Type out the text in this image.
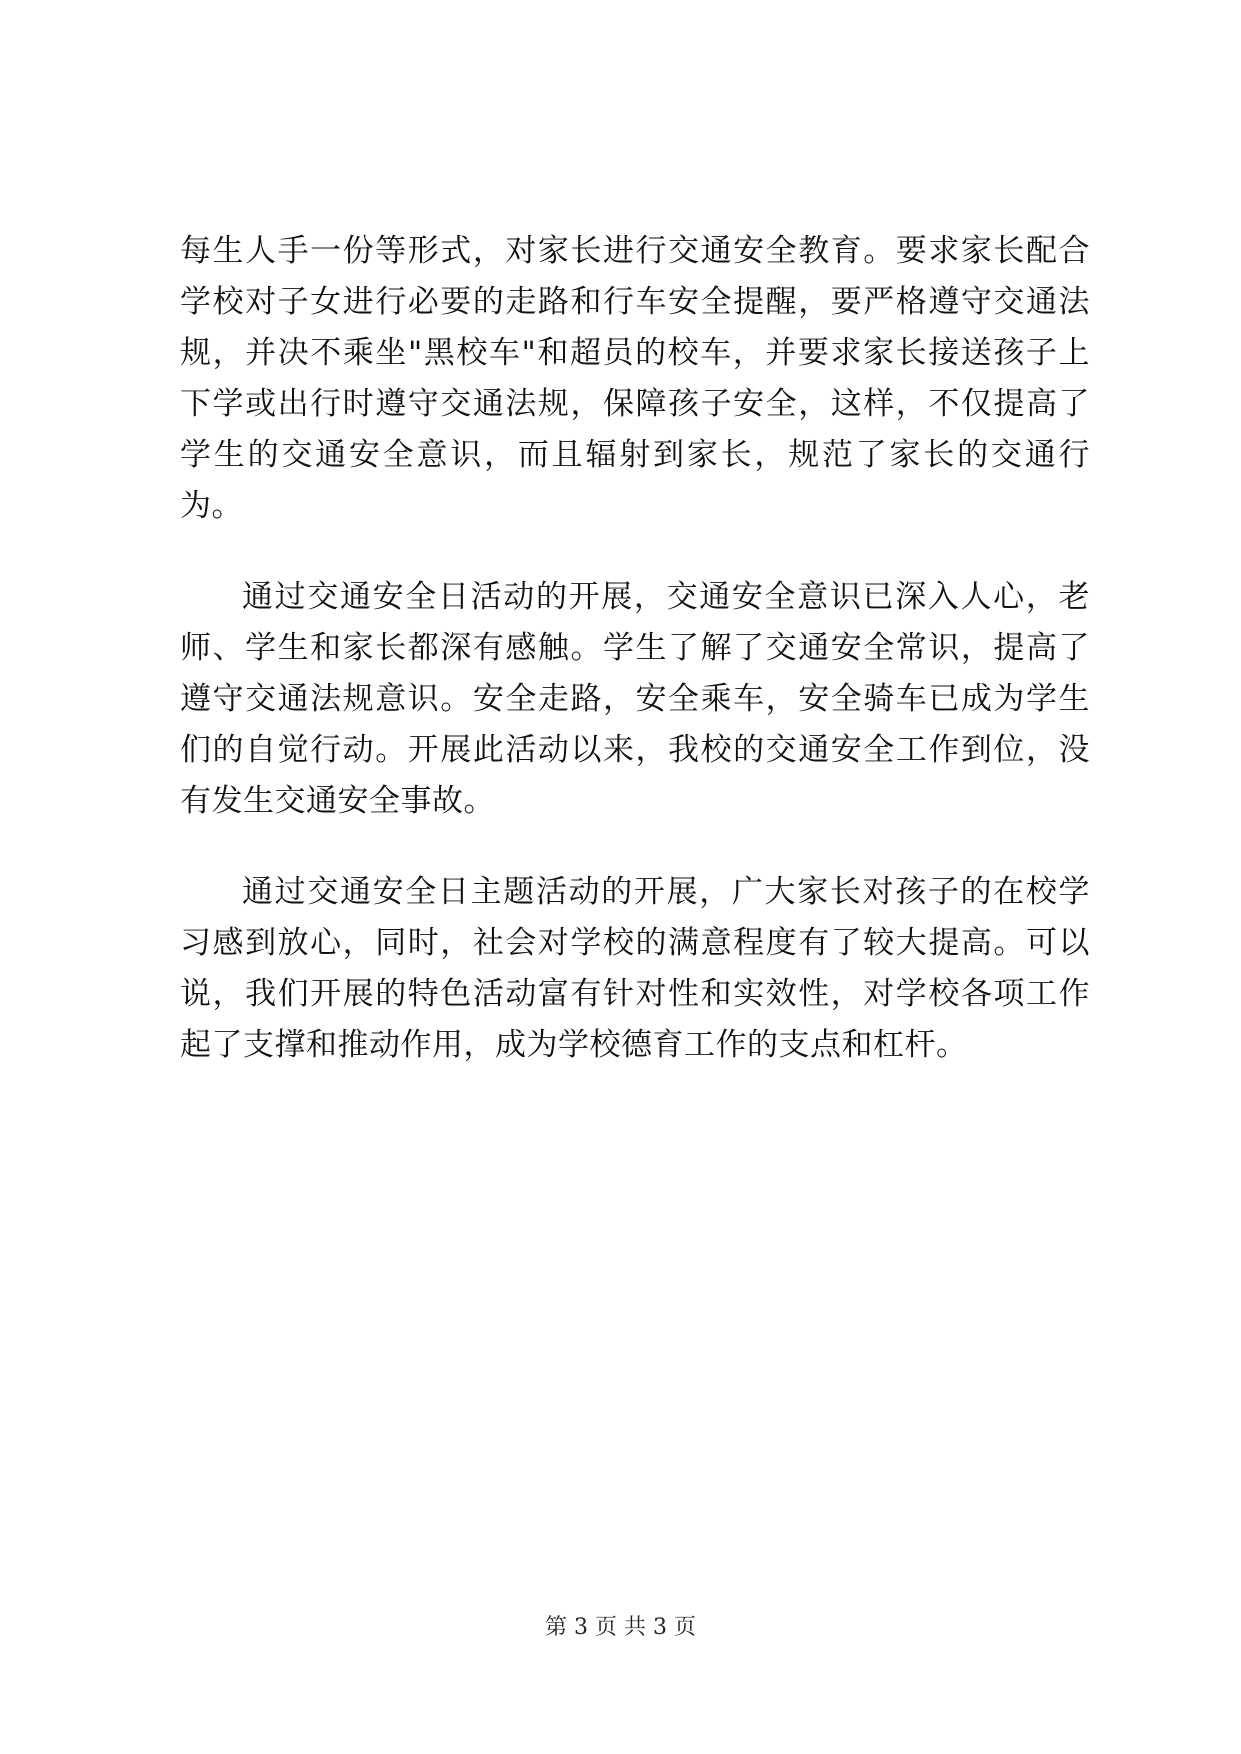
每生人手一份等形式，对家长进行交通安全教育。要求家长配合学校对子女进行必要的走路和行车安全提醒，要严格遵守交通法规，并决不乘坐"黑校车"和超员的校车，并要求家长接送孩子上下学或出行时遵守交通法规，保障孩子安全，这样，不仅提高了学生的交通安全意识，而且辐射到家长，规范了家长的交通行为。

通过交通安全日活动的开展，交通安全意识已深入人心，老师、学生和家长都深有感触。学生了解了交通安全常识，提高了遵守交通法规意识。安全走路，安全乘车，安全骑车已成为学生们的自觉行动。开展此活动以来，我校的交通安全工作到位，没有发生交通安全事故。

通过交通安全日主题活动的开展，广大家长对孩子的在校学习感到放心，同时，社会对学校的满意程度有了较大提高。可以说，我们开展的特色活动富有针对性和实效性，对学校各项工作起了支撑和推动作用，成为学校德育工作的支点和杠杆。

第 3 页 共 3 页
